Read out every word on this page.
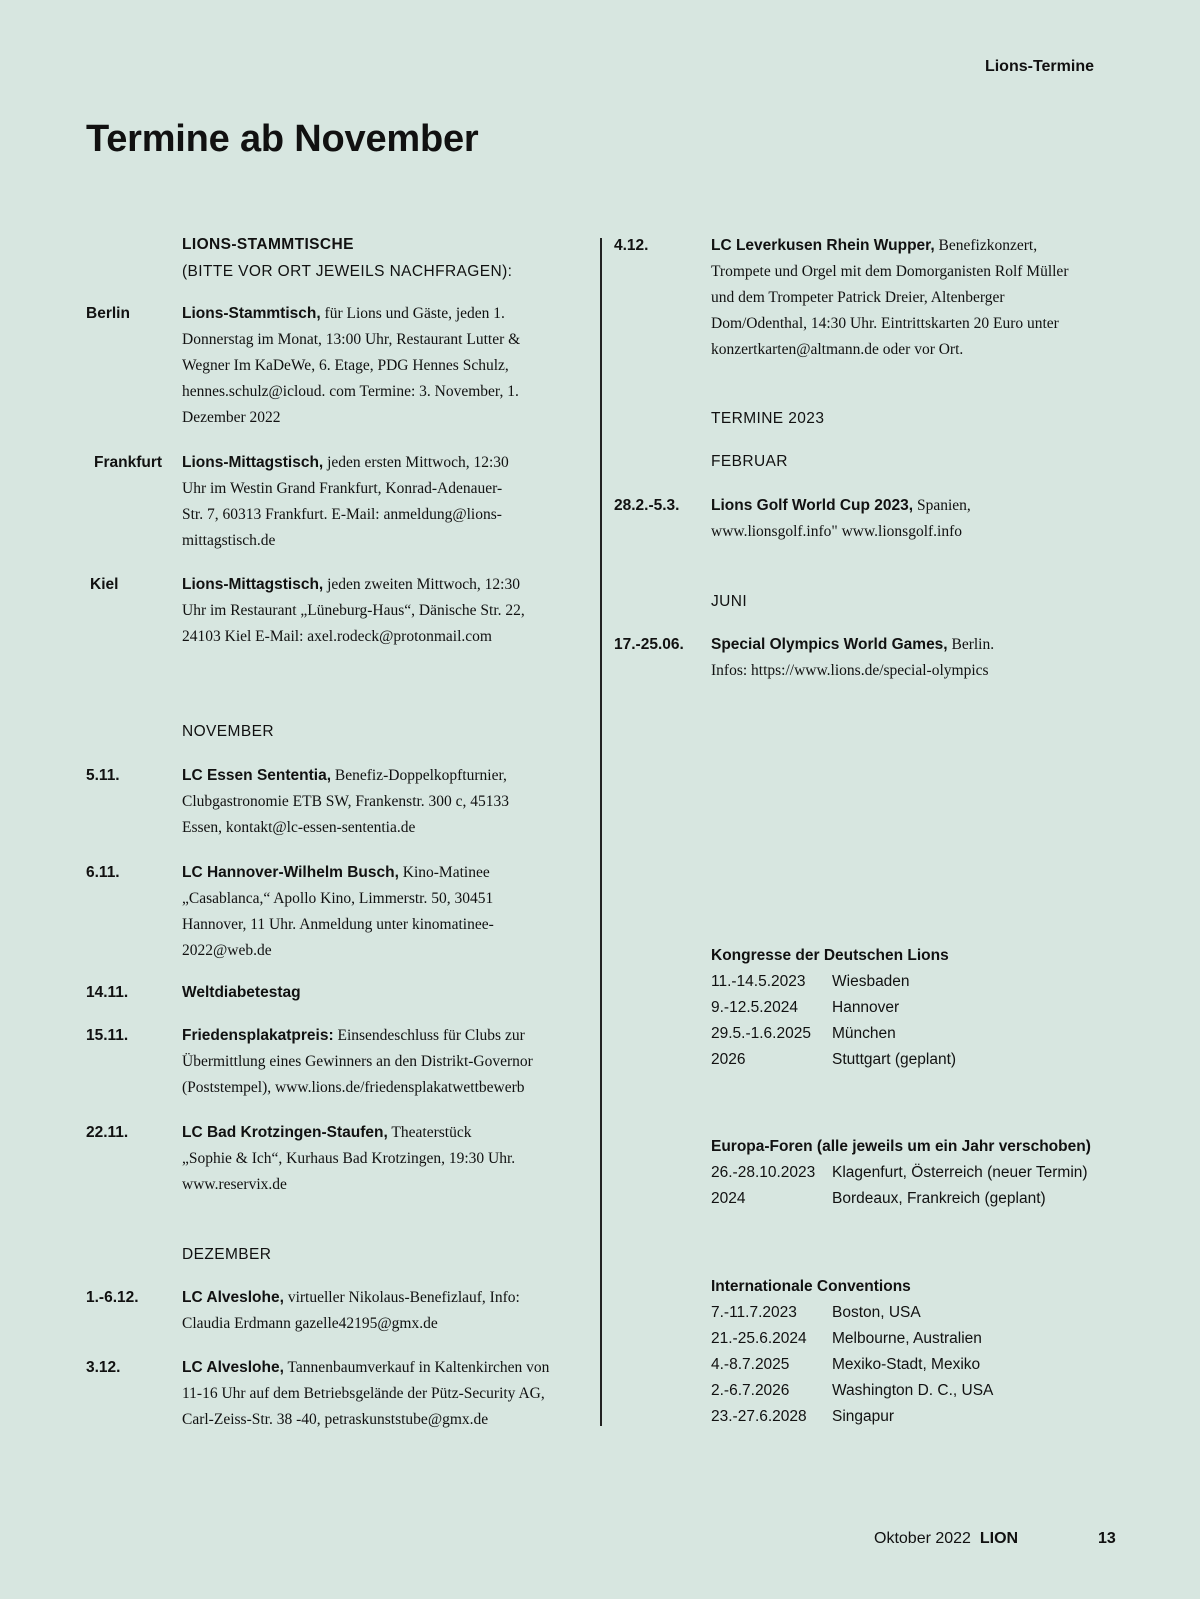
Lions-Termine
Termine ab November
LIONS-STAMMTISCHE
(BITTE VOR ORT JEWEILS NACHFRAGEN):
Berlin	Lions-Stammtisch, für Lions und Gäste, jeden 1. Donnerstag im Monat, 13:00 Uhr, Restaurant Lutter & Wegner Im KaDeWe, 6. Etage, PDG Hennes Schulz, hennes.schulz@icloud. com Termine: 3. November, 1. Dezember 2022
Frankfurt Lions-Mittagstisch, jeden ersten Mittwoch, 12:30 Uhr im Westin Grand Frankfurt, Konrad-Adenauer-Str. 7, 60313 Frankfurt. E-Mail: anmeldung@lions-mittagstisch.de
Kiel	Lions-Mittagstisch, jeden zweiten Mittwoch, 12:30 Uhr im Restaurant „Lüneburg-Haus“, Dänische Str. 22, 24103 Kiel E-Mail: axel.rodeck@protonmail.com
NOVEMBER
5.11.	LC Essen Sententia, Benefiz-Doppelkopfturnier, Clubgastronomie ETB SW, Frankenstr. 300 c, 45133 Essen, kontakt@lc-essen-sententia.de
6.11.	LC Hannover-Wilhelm Busch, Kino-Matinee „Casablanca,“ Apollo Kino, Limmerstr. 50, 30451 Hannover, 11 Uhr. Anmeldung unter kinomatinee-2022@web.de
14.11.	Weltdiabetestag
15.11.	Friedensplakatpreis: Einsendeschluss für Clubs zur Übermittlung eines Gewinners an den Distrikt-Governor (Poststempel), www.lions.de/friedensplakatwettbewerb
22.11.	LC Bad Krotzingen-Staufen, Theaterstück „Sophie & Ich“, Kurhaus Bad Krotzingen, 19:30 Uhr. www.reservix.de
DEZEMBER
1.-6.12.	LC Alveslohe, virtueller Nikolaus-Benefizlauf, Info: Claudia Erdmann gazelle42195@gmx.de
3.12.	LC Alveslohe, Tannenbaumverkauf in Kaltenkirchen von 11-16 Uhr auf dem Betriebsgelände der Pütz-Security AG, Carl-Zeiss-Str. 38 -40, petraskunststube@gmx.de
4.12.	LC Leverkusen Rhein Wupper, Benefizkonzert, Trompete und Orgel mit dem Domorganisten Rolf Müller und dem Trompeter Patrick Dreier, Altenberger Dom/Odenthal, 14:30 Uhr. Eintrittskarten 20 Euro unter konzertkarten@altmann.de oder vor Ort.
TERMINE 2023
FEBRUAR
28.2.-5.3. Lions Golf World Cup 2023, Spanien, www.lionsgolf.info" www.lionsgolf.info
JUNI
17.-25.06. Special Olympics World Games, Berlin. Infos: https://www.lions.de/special-olympics
Kongresse der Deutschen Lions
11.-14.5.2023 Wiesbaden
9.-12.5.2024 Hannover
29.5.-1.6.2025 München
2026	Stuttgart (geplant)
Europa-Foren (alle jeweils um ein Jahr verschoben)
26.-28.10.2023 Klagenfurt, Österreich (neuer Termin)
2024	Bordeaux, Frankreich (geplant)
Internationale Conventions
7.-11.7.2023 Boston, USA
21.-25.6.2024 Melbourne, Australien
4.-8.7.2025	Mexiko-Stadt, Mexiko
2.-6.7.2026	Washington D. C., USA
23.-27.6.2028 Singapur
Oktober 2022 LION	13
